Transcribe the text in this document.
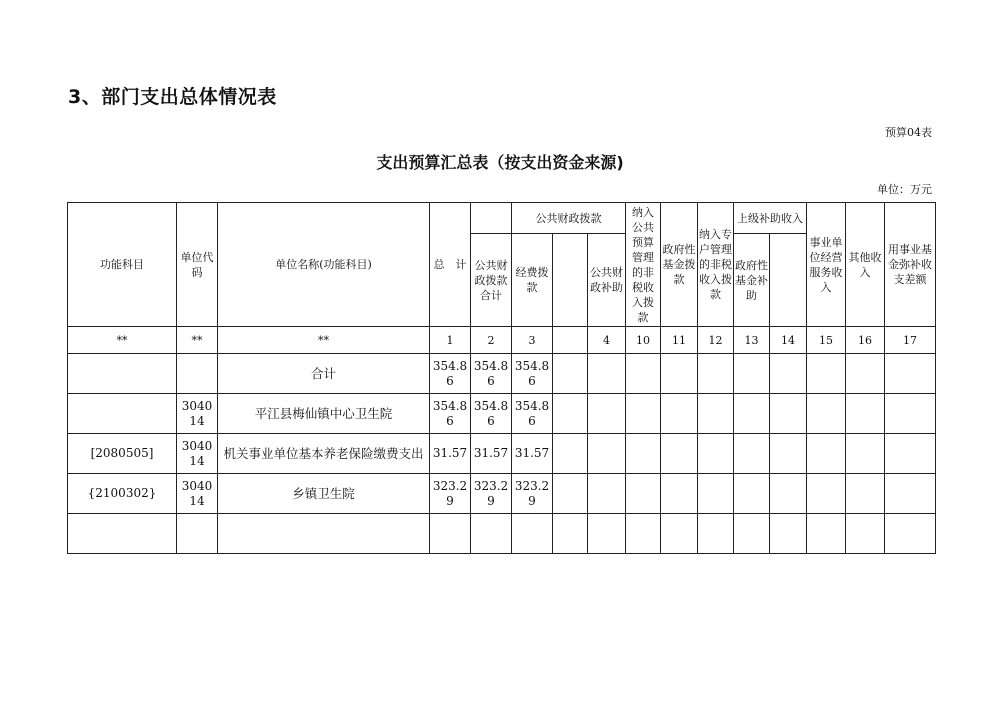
3、部门支出总体情况表
预算04表
支出预算汇总表（按支出资金来源)
单位：万元
功能科目	单位代码	单位名称(功能科目)	总　计		公共财政拨款			纳入公共预算管理的非税收入拨款	政府性基金拨款	纳入专户管理的非税收入拨款	上级补助收入		事业单位经营服务收入	其他收入	用事业基金弥补收支差额	
				公共财政拨款合计	经费拨款		公共财政补助				政府性基金补助					
**	**	**	1	2	3		4	10	11	12	13	14	15	16	17	
		合计	354.86	354.86	354.86											
	304014	平江县梅仙镇中心卫生院	354.86	354.86	354.86											
[2080505]	304014	机关事业单位基本养老保险缴费支出	31.57	31.57	31.57											
{2100302}	304014	乡镇卫生院	323.29	323.29	323.29											
